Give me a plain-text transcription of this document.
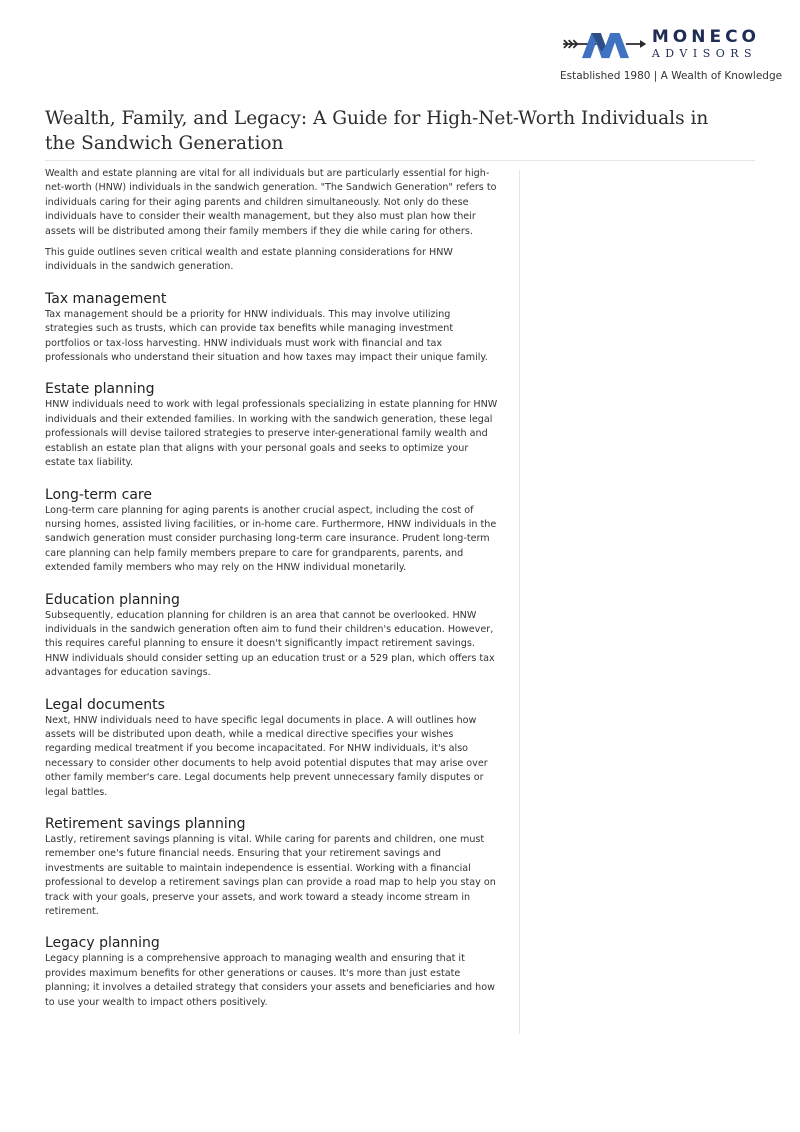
MONECO
ADVISORS
Established 1980 | A Wealth of Knowledge
Wealth, Family, and Legacy: A Guide for High-Net-Worth Individuals in the Sandwich Generation

Wealth and estate planning are vital for all individuals but are particularly essential for high-net-worth (HNW) individuals in the sandwich generation. "The Sandwich Generation" refers to individuals caring for their aging parents and children simultaneously. Not only do these individuals have to consider their wealth management, but they also must plan how their assets will be distributed among their family members if they die while caring for others.

This guide outlines seven critical wealth and estate planning considerations for HNW individuals in the sandwich generation.

Tax management

Tax management should be a priority for HNW individuals. This may involve utilizing strategies such as trusts, which can provide tax benefits while managing investment portfolios or tax-loss harvesting. HNW individuals must work with financial and tax professionals who understand their situation and how taxes may impact their unique family.

Estate planning

HNW individuals need to work with legal professionals specializing in estate planning for HNW individuals and their extended families. In working with the sandwich generation, these legal professionals will devise tailored strategies to preserve inter-generational family wealth and establish an estate plan that aligns with your personal goals and seeks to optimize your estate tax liability.

Long-term care

Long-term care planning for aging parents is another crucial aspect, including the cost of nursing homes, assisted living facilities, or in-home care. Furthermore, HNW individuals in the sandwich generation must consider purchasing long-term care insurance. Prudent long-term care planning can help family members prepare to care for grandparents, parents, and extended family members who may rely on the HNW individual monetarily.

Education planning

Subsequently, education planning for children is an area that cannot be overlooked. HNW individuals in the sandwich generation often aim to fund their children's education. However, this requires careful planning to ensure it doesn't significantly impact retirement savings. HNW individuals should consider setting up an education trust or a 529 plan, which offers tax advantages for education savings.

Legal documents

Next, HNW individuals need to have specific legal documents in place. A will outlines how assets will be distributed upon death, while a medical directive specifies your wishes regarding medical treatment if you become incapacitated. For NHW individuals, it's also necessary to consider other documents to help avoid potential disputes that may arise over other family member's care. Legal documents help prevent unnecessary family disputes or legal battles.

Retirement savings planning

Lastly, retirement savings planning is vital. While caring for parents and children, one must remember one's future financial needs. Ensuring that your retirement savings and investments are suitable to maintain independence is essential. Working with a financial professional to develop a retirement savings plan can provide a road map to help you stay on track with your goals, preserve your assets, and work toward a steady income stream in retirement.

Legacy planning

Legacy planning is a comprehensive approach to managing wealth and ensuring that it provides maximum benefits for other generations or causes. It's more than just estate planning; it involves a detailed strategy that considers your assets and beneficiaries and how to use your wealth to impact others positively.
